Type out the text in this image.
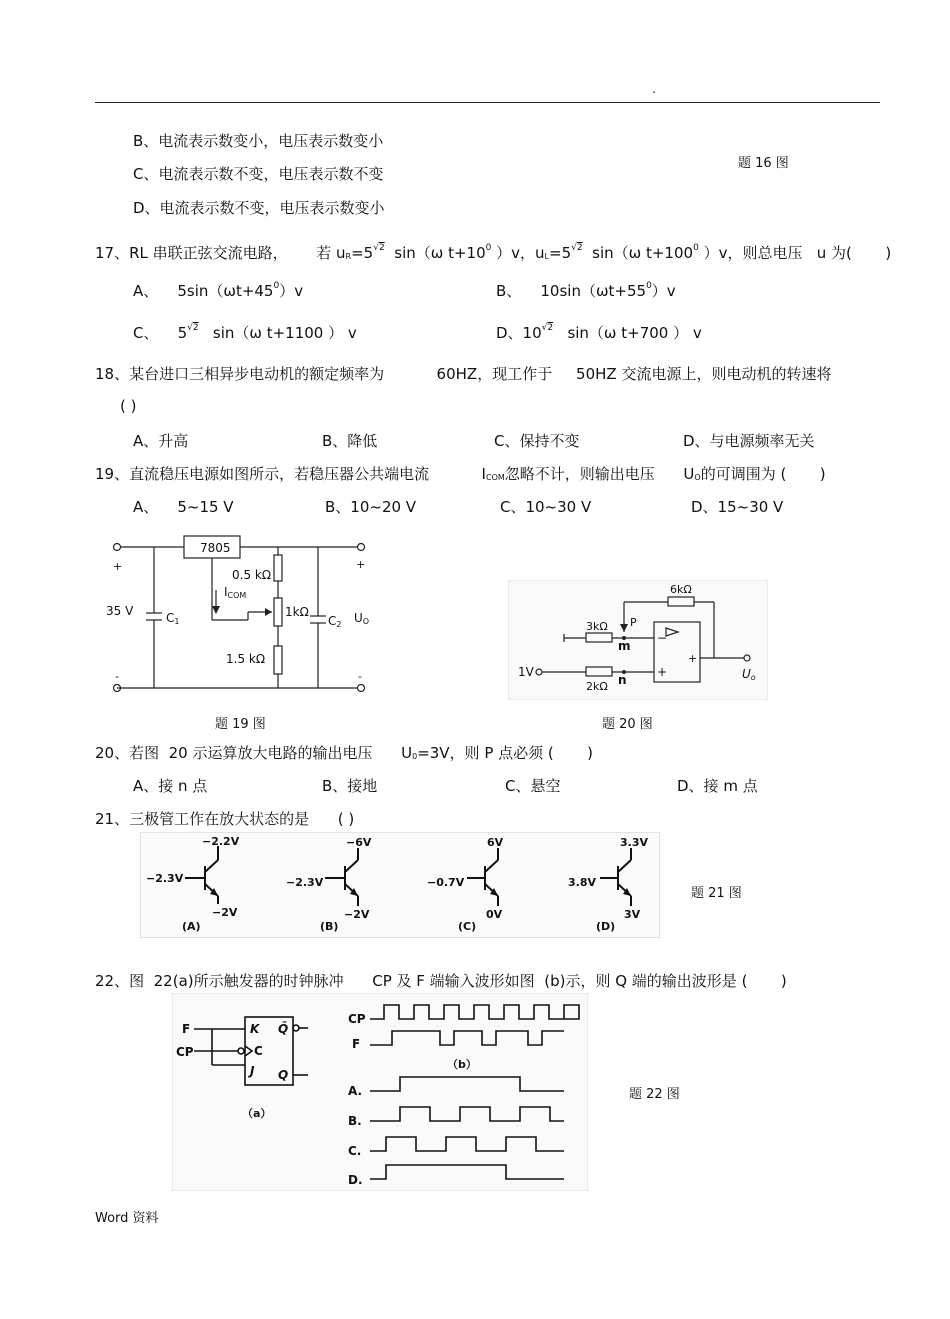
.
B、电流表示数变小，电压表示数变小
C、电流表示数不变，电压表示数不变
D、电流表示数不变，电压表示数变小
题 16 图
17、RL 串联正弦交流电路， 若 $u_R=5^{√2}$ sin（ω $t+10^0$ ）v，$u_L=5^{√2}$ sin（ω $t+100^0$ ）v，则总电压 u 为( )
A、 $5\sin(\omega t+45^0)v$	B、 $10\sin(\omega t+55^0)v$
C、 $5^{√2}$ sin（ω t+1100 ） v	D、$10^{√2}$ sin（ω t+700 ） v
18、某台进口三相异步电动机的额定频率为	60HZ，现工作于 50HZ 交流电源上，则电动机的转速将
( )
A、升高	B、降低	C、保持不变	D、与电源频率无关
19、直流稳压电源如图所示，若稳压器公共端电流	$I_{COM}$忽略不计，则输出电压 $U_O$的可调围为 ( )
A、 5~15 V	B、10~20 V	C、10~30 V	D、15~30 V
7805
0.5 kΩ
ICOM
1kΩ
1.5 kΩ
35 V	C1	C2 UO
+	+
-	-
题 19 图
6kΩ
3kΩ
2kΩ
P
m
n
1V	Uo
−
+
+
题 20 图
20、若图 20 示运算放大电路的输出电压 $U_0=3V$，则 P 点必须 ( )
A、接 n 点	B、接地	C、悬空	D、接 m 点
21、三极管工作在放大状态的是 ( )
−2.2V
−2.3V
−2V
(A)
−6V
−2.3V
−2V
(B)
6V
−0.7V
0V
(C)
3.3V
3.8V
3V
(D)
题 21 图
22、图 22(a)所示触发器的时钟脉冲 CP 及 F 端输入波形如图 (b)示，则 Q 端的输出波形是 ( )
F
CP
K Q̄
C
J Q
（a）
（b）
CP
F
A.
B.
C.
D.
题 22 图
Word 资料
